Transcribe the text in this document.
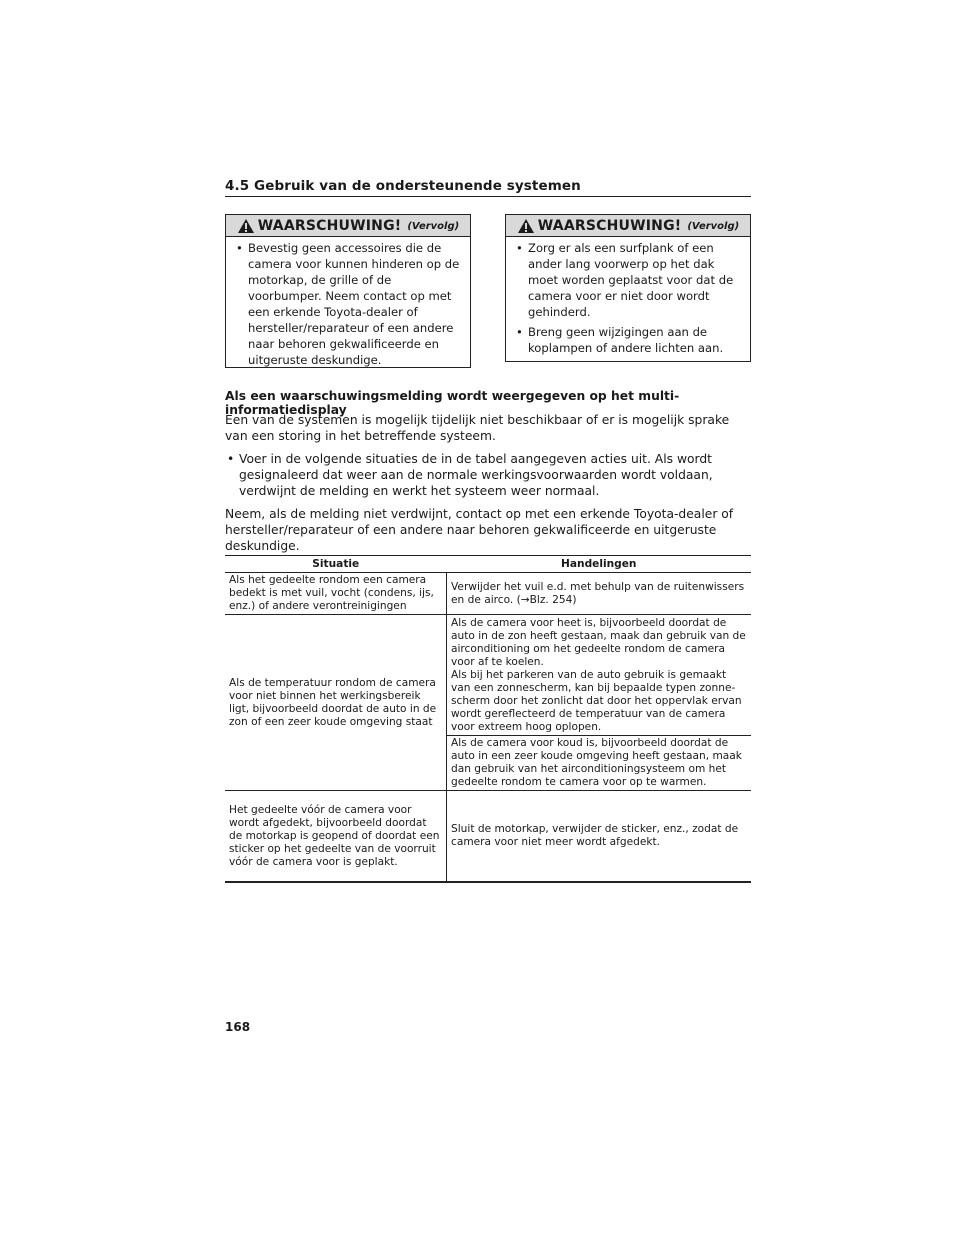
4.5 Gebruik van de ondersteunende systemen
WAARSCHUWING! (Vervolg)
• Bevestig geen accessoires die de camera voor kunnen hinderen op de motorkap, de grille of de voorbumper. Neem contact op met een erkende Toyota-dealer of hersteller/reparateur of een andere naar behoren gekwalificeerde en uitgeruste deskundige.
WAARSCHUWING! (Vervolg)
• Zorg er als een surfplank of een ander lang voorwerp op het dak moet worden geplaatst voor dat de camera voor er niet door wordt gehinderd.
• Breng geen wijzigingen aan de koplampen of andere lichten aan.
Als een waarschuwingsmelding wordt weergegeven op het multi-informatiedisplay
Een van de systemen is mogelijk tijdelijk niet beschikbaar of er is mogelijk sprake van een storing in het betreffende systeem.
• Voer in de volgende situaties de in de tabel aangegeven acties uit. Als wordt gesignaleerd dat weer aan de normale werkingsvoorwaarden wordt voldaan, verdwijnt de melding en werkt het systeem weer normaal.
Neem, als de melding niet verdwijnt, contact op met een erkende Toyota-dealer of hersteller/reparateur of een andere naar behoren gekwalificeerde en uitgeruste deskundige.
Situatie	Handelingen
Als het gedeelte rondom een camera bedekt is met vuil, vocht (condens, ijs, enz.) of andere verontreinigingen	Verwijder het vuil e.d. met behulp van de ruitenwissers en de airco. (→Blz. 254)
Als de temperatuur rondom de camera voor niet binnen het werkingsbereik ligt, bijvoorbeeld doordat de auto in de zon of een zeer koude omgeving staat	Als de camera voor heet is, bijvoorbeeld doordat de auto in de zon heeft gestaan, maak dan gebruik van de airconditioning om het gedeelte rondom de camera voor af te koelen.
Als bij het parkeren van de auto gebruik is gemaakt van een zonnescherm, kan bij bepaalde typen zonnescherm door het zonlicht dat door het oppervlak ervan wordt gereflecteerd de temperatuur van de camera voor extreem hoog oplopen.

	Als de camera voor koud is, bijvoorbeeld doordat de auto in een zeer koude omgeving heeft gestaan, maak dan gebruik van het airconditioningsysteem om het gedeelte rondom te camera voor op te warmen.
Het gedeelte vóór de camera voor wordt afgedekt, bijvoorbeeld doordat de motorkap is geopend of doordat een sticker op het gedeelte van de voorruit vóór de camera voor is geplakt.	Sluit de motorkap, verwijder de sticker, enz., zodat de camera voor niet meer wordt afgedekt.
168
